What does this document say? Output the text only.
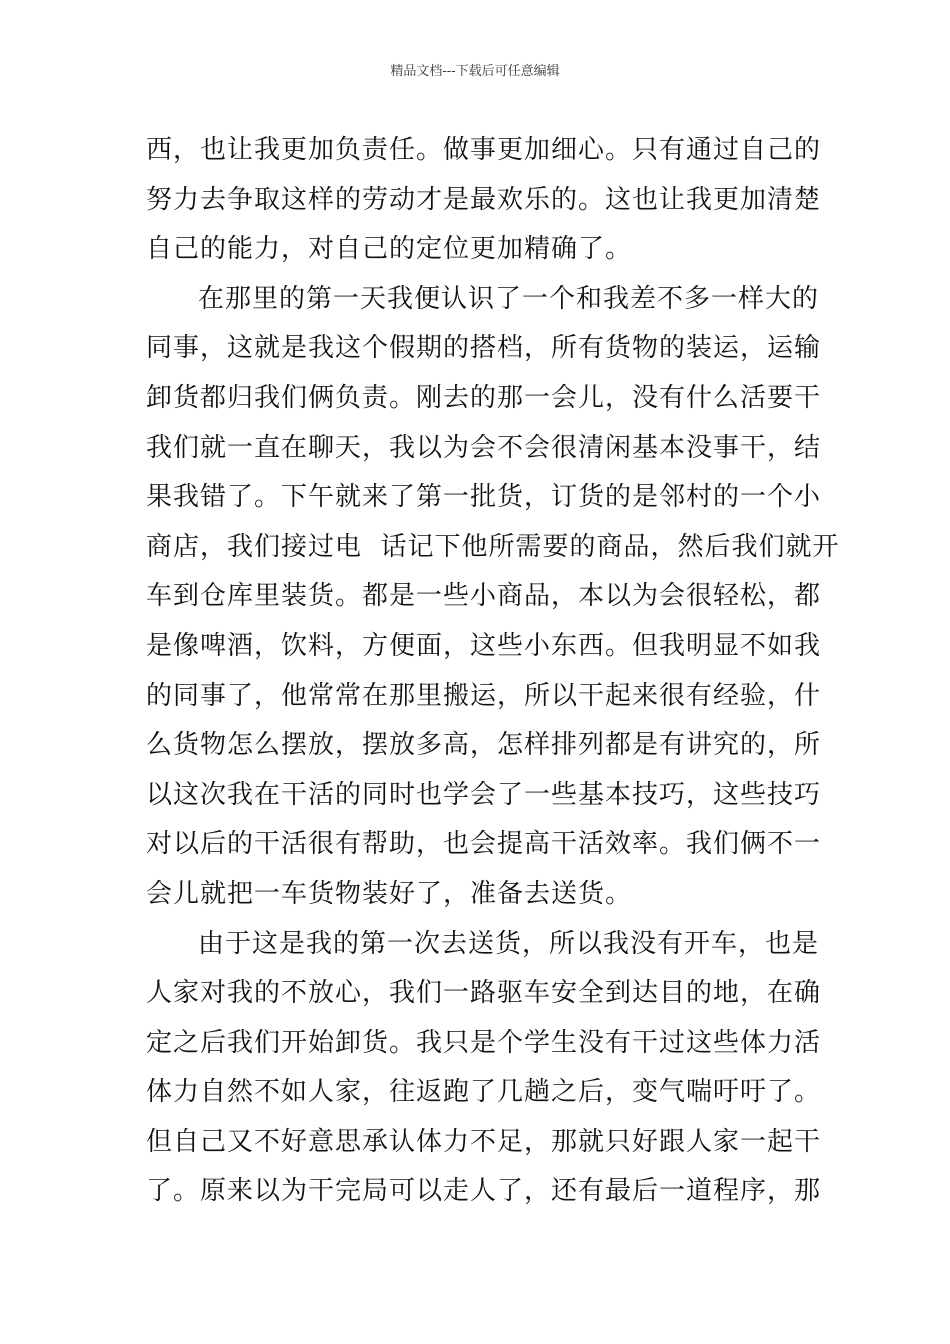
精品文档---下载后可任意编辑
西，也让我更加负责任。做事更加细心。只有通过自己的
努力去争取这样的劳动才是最欢乐的。这也让我更加清楚
自己的能力，对自己的定位更加精确了。
在那里的第一天我便认识了一个和我差不多一样大的
同事，这就是我这个假期的搭档，所有货物的装运，运输
卸货都归我们俩负责。刚去的那一会儿，没有什么活要干
我们就一直在聊天，我以为会不会很清闲基本没事干，结
果我错了。下午就来了第一批货，订货的是邻村的一个小
商店，我们接过电  话记下他所需要的商品，然后我们就开
车到仓库里装货。都是一些小商品，本以为会很轻松，都
是像啤酒，饮料，方便面，这些小东西。但我明显不如我
的同事了，他常常在那里搬运，所以干起来很有经验，什
么货物怎么摆放，摆放多高，怎样排列都是有讲究的，所
以这次我在干活的同时也学会了一些基本技巧，这些技巧
对以后的干活很有帮助，也会提高干活效率。我们俩不一
会儿就把一车货物装好了，准备去送货。
由于这是我的第一次去送货，所以我没有开车，也是
人家对我的不放心，我们一路驱车安全到达目的地，在确
定之后我们开始卸货。我只是个学生没有干过这些体力活
体力自然不如人家，往返跑了几趟之后，变气喘吁吁了。
但自己又不好意思承认体力不足，那就只好跟人家一起干
了。原来以为干完局可以走人了，还有最后一道程序，那
